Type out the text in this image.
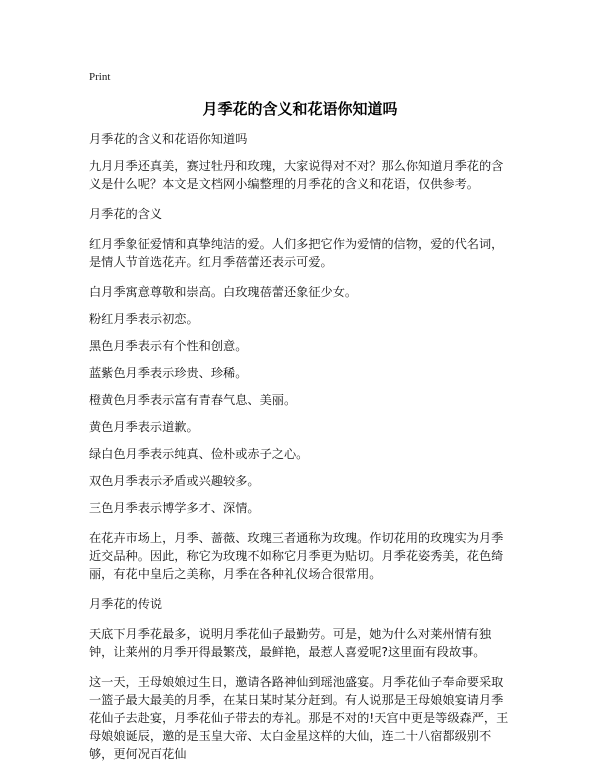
Print
月季花的含义和花语你知道吗

月季花的含义和花语你知道吗

九月月季还真美，赛过牡丹和玫瑰，大家说得对不对？那么你知道月季花的含义是什么呢？本文是文档网小编整理的月季花的含义和花语，仅供参考。

月季花的含义

红月季象征爱情和真挚纯洁的爱。人们多把它作为爱情的信物，爱的代名词，是情人节首选花卉。红月季蓓蕾还表示可爱。

白月季寓意尊敬和崇高。白玫瑰蓓蕾还象征少女。

粉红月季表示初恋。

黑色月季表示有个性和创意。

蓝紫色月季表示珍贵、珍稀。

橙黄色月季表示富有青春气息、美丽。

黄色月季表示道歉。

绿白色月季表示纯真、俭朴或赤子之心。

双色月季表示矛盾或兴趣较多。

三色月季表示博学多才、深情。

在花卉市场上，月季、蔷薇、玫瑰三者通称为玫瑰。作切花用的玫瑰实为月季近交品种。因此，称它为玫瑰不如称它月季更为贴切。月季花姿秀美，花色绮丽，有花中皇后之美称，月季在各种礼仪场合很常用。

月季花的传说

天底下月季花最多，说明月季花仙子最勤劳。可是，她为什么对莱州情有独钟，让莱州的月季开得最繁茂，最鲜艳，最惹人喜爱呢?这里面有段故事。

这一天，王母娘娘过生日，邀请各路神仙到瑶池盛宴。月季花仙子奉命要采取一篮子最大最美的月季，在某日某时某分赶到。有人说那是王母娘娘宴请月季花仙子去赴宴，月季花仙子带去的寿礼。那是不对的!天宫中更是等级森严，王母娘娘诞辰，邀的是玉皇大帝、太白金星这样的大仙，连二十八宿都级别不够，更何况百花仙
